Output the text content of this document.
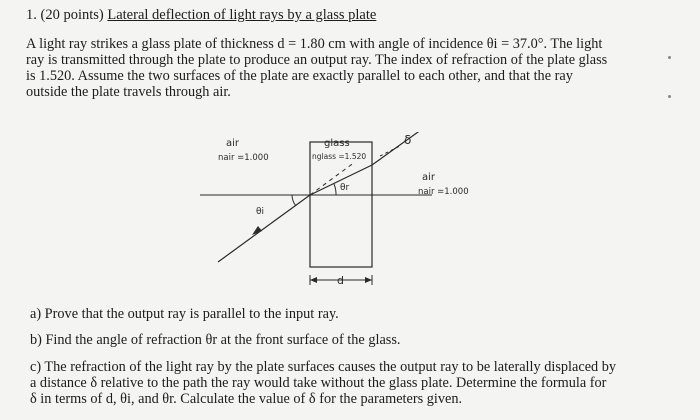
1. (20 points) Lateral deflection of light rays by a glass plate

A light ray strikes a glass plate of thickness d = 1.80 cm with angle of incidence θi = 37.0°. The light

ray is transmitted through the plate to produce an output ray. The index of refraction of the plate glass

is 1.520. Assume the two surfaces of the plate are exactly parallel to each other, and that the ray

outside the plate travels through air.

air
nair =1.000
glass
nglass =1.520
air
nair =1.000
δ
θi
θr
d
a) Prove that the output ray is parallel to the input ray.
b) Find the angle of refraction θr at the front surface of the glass.
c) The refraction of the light ray by the plate surfaces causes the output ray to be laterally displaced by
a distance δ relative to the path the ray would take without the glass plate. Determine the formula for
δ in terms of d, θi, and θr. Calculate the value of δ for the parameters given.
